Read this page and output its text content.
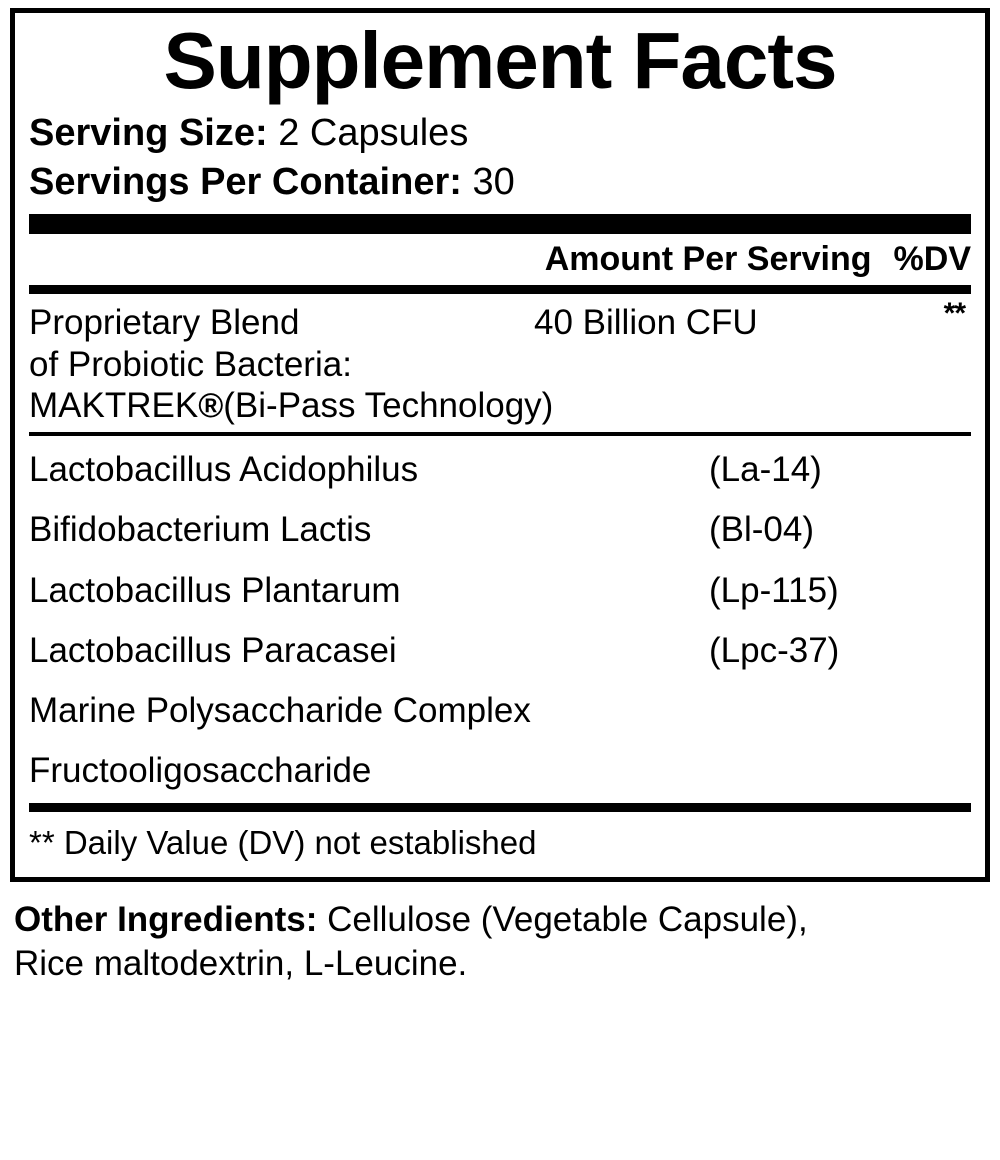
Supplement Facts
Serving Size: 2 Capsules
Servings Per Container: 30
Amount Per Serving %DV
Proprietary Blend	40 Billion CFU	**
of Probiotic Bacteria:
MAKTREK®(Bi-Pass Technology)
Lactobacillus Acidophilus	(La-14)
Bifidobacterium Lactis	(Bl-04)
Lactobacillus Plantarum	(Lp-115)
Lactobacillus Paracasei	(Lpc-37)
Marine Polysaccharide Complex
Fructooligosaccharide
** Daily Value (DV) not established
Other Ingredients: Cellulose (Vegetable Capsule),
Rice maltodextrin, L-Leucine.
